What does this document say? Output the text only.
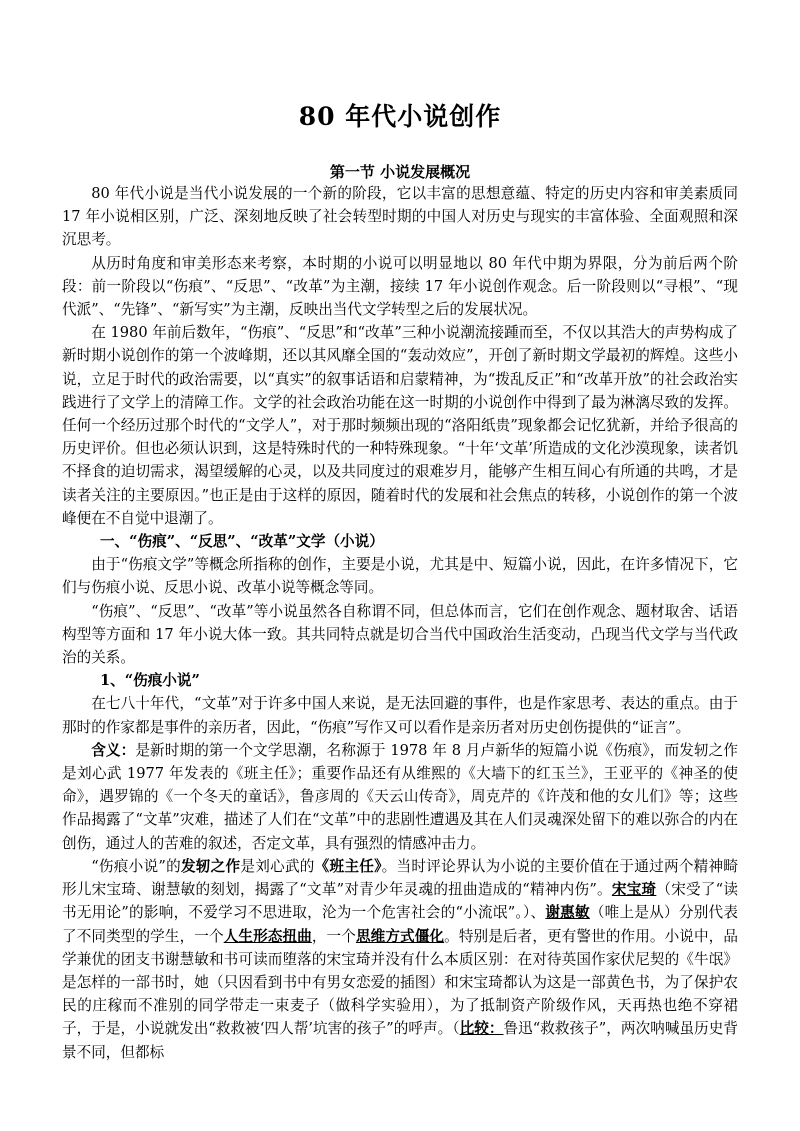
80 年代小说创作
第一节 小说发展概况

80 年代小说是当代小说发展的一个新的阶段，它以丰富的思想意蕴、特定的历史内容和审美素质同 17 年小说相区别，广泛、深刻地反映了社会转型时期的中国人对历史与现实的丰富体验、全面观照和深沉思考。

从历时角度和审美形态来考察，本时期的小说可以明显地以 80 年代中期为界限，分为前后两个阶段：前一阶段以“伤痕”、“反思”、“改革”为主潮，接续 17 年小说创作观念。后一阶段则以“寻根”、“现代派”、“先锋”、“新写实”为主潮，反映出当代文学转型之后的发展状况。

在 1980 年前后数年，“伤痕”、“反思”和“改革”三种小说潮流接踵而至，不仅以其浩大的声势构成了新时期小说创作的第一个波峰期，还以其风靡全国的“轰动效应”，开创了新时期文学最初的辉煌。这些小说，立足于时代的政治需要，以“真实”的叙事话语和启蒙精神，为“拨乱反正”和“改革开放”的社会政治实践进行了文学上的清障工作。文学的社会政治功能在这一时期的小说创作中得到了最为淋漓尽致的发挥。任何一个经历过那个时代的“文学人”，对于那时频频出现的“洛阳纸贵”现象都会记忆犹新，并给予很高的历史评价。但也必须认识到，这是特殊时代的一种特殊现象。“十年‘文革’所造成的文化沙漠现象，读者饥不择食的迫切需求，渴望缓解的心灵，以及共同度过的艰难岁月，能够产生相互间心有所通的共鸣，才是读者关注的主要原因。”也正是由于这样的原因，随着时代的发展和社会焦点的转移，小说创作的第一个波峰便在不自觉中退潮了。

一、“伤痕”、“反思”、“改革”文学（小说）

由于“伤痕文学”等概念所指称的创作，主要是小说，尤其是中、短篇小说，因此，在许多情况下，它们与伤痕小说、反思小说、改革小说等概念等同。

“伤痕”、“反思”、“改革”等小说虽然各自称谓不同，但总体而言，它们在创作观念、题材取舍、话语构型等方面和 17 年小说大体一致。其共同特点就是切合当代中国政治生活变动，凸现当代文学与当代政治的关系。

1、“伤痕小说”

在七八十年代，“文革”对于许多中国人来说，是无法回避的事件，也是作家思考、表达的重点。由于那时的作家都是事件的亲历者，因此，“伤痕”写作又可以看作是亲历者对历史创伤提供的“证言”。

含义：是新时期的第一个文学思潮，名称源于 1978 年 8 月卢新华的短篇小说《伤痕》，而发轫之作是刘心武 1977 年发表的《班主任》；重要作品还有从维熙的《大墙下的红玉兰》，王亚平的《神圣的使命》，遇罗锦的《一个冬天的童话》，鲁彦周的《天云山传奇》，周克芹的《许茂和他的女儿们》等；这些作品揭露了“文革”灾难，描述了人们在“文革”中的悲剧性遭遇及其在人们灵魂深处留下的难以弥合的内在创伤，通过人的苦难的叙述，否定文革，具有强烈的情感冲击力。

“伤痕小说”的发轫之作是刘心武的《班主任》。当时评论界认为小说的主要价值在于通过两个精神畸形儿宋宝琦、谢慧敏的刻划，揭露了“文革”对青少年灵魂的扭曲造成的“精神内伤”。宋宝琦（宋受了“读书无用论”的影响，不爱学习不思进取，沦为一个危害社会的“小流氓”。）、谢惠敏（唯上是从）分别代表了不同类型的学生，一个人生形态扭曲，一个思维方式僵化。特别是后者，更有警世的作用。小说中，品学兼优的团支书谢慧敏和书可读而堕落的宋宝琦并没有什么本质区别：在对待英国作家伏尼契的《牛氓》是怎样的一部书时，她（只因看到书中有男女恋爱的插图）和宋宝琦都认为这是一部黄色书，为了保护农民的庄稼而不准别的同学带走一束麦子（做科学实验用），为了抵制资产阶级作风，天再热也绝不穿裙子，于是，小说就发出“救救被‘四人帮’坑害的孩子”的呼声。（比较：鲁迅“救救孩子”，两次呐喊虽历史背景不同，但都标
